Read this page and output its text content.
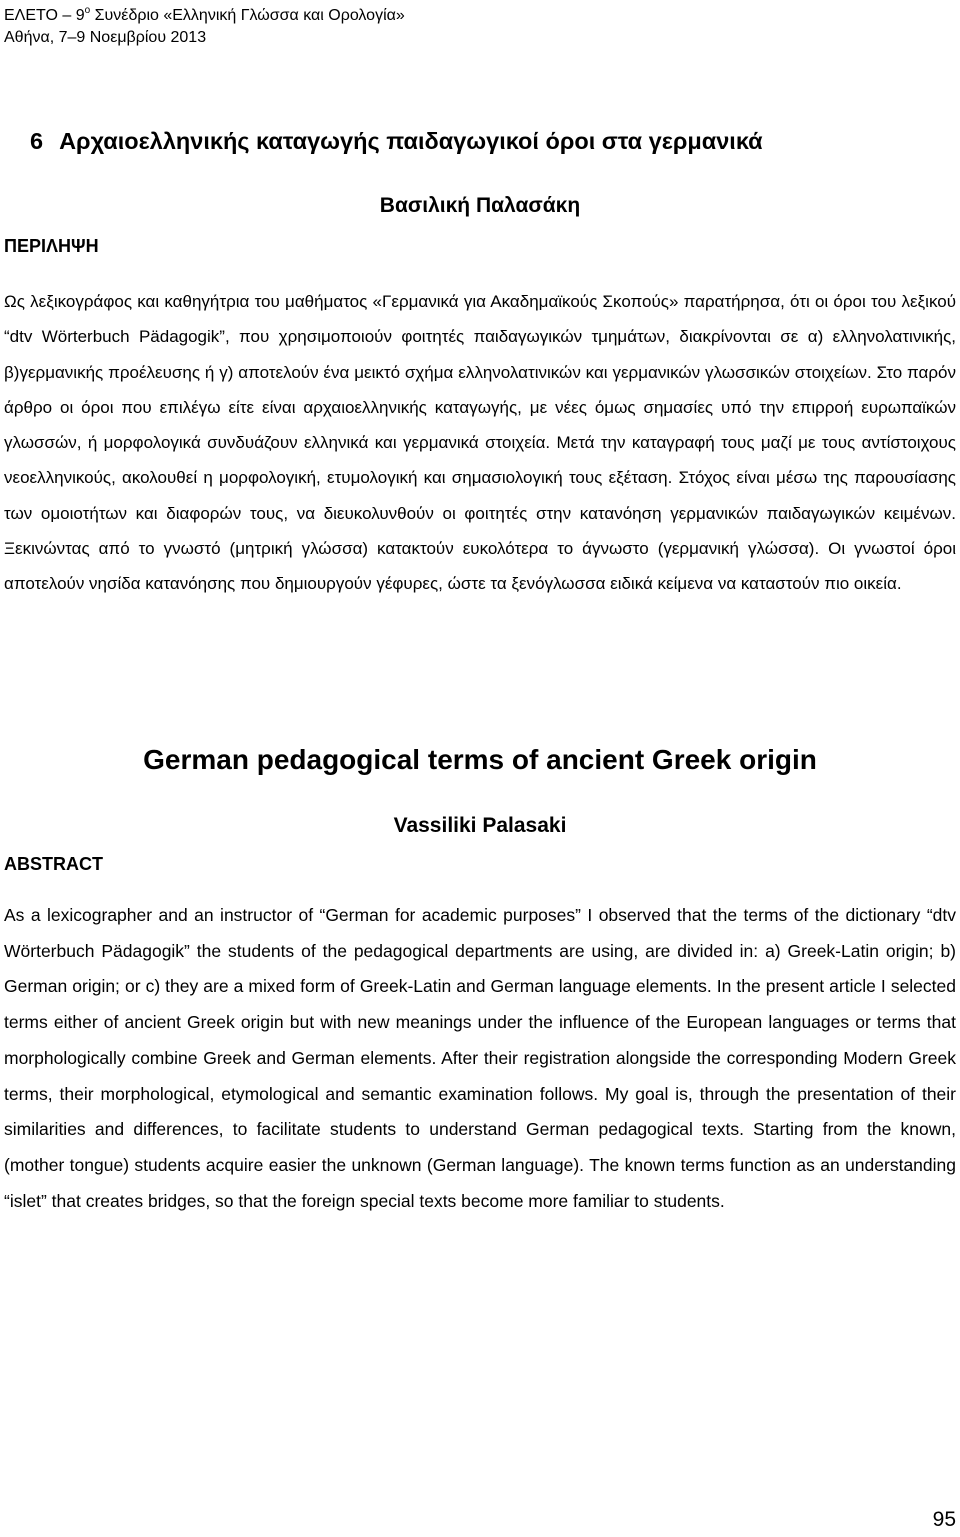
ΕΛΕΤΟ – $9^o$ Συνέδριο «Ελληνική Γλώσσα και Ορολογία»
Αθήνα, 7–9 Νοεμβρίου 2013
6 Αρχαιοελληνικής καταγωγής παιδαγωγικοί όροι στα γερμανικά
Βασιλική Παλασάκη
ΠΕΡΙΛΗΨΗ
Ως λεξικογράφος και καθηγήτρια του μαθήματος «Γερμανικά για Ακαδημαϊκούς Σκοπούς» παρατήρησα, ότι οι όροι του λεξικού “dtv Wörterbuch Pädagogik”, που χρησιμοποιούν φοιτητές παιδαγωγικών τμημάτων, διακρίνονται σε α) ελληνολατινικής, β)γερμανικής προέλευσης ή γ) αποτελούν ένα μεικτό σχήμα ελληνολατινικών και γερμανικών γλωσσικών στοιχείων. Στο παρόν άρθρο οι όροι που επιλέγω είτε είναι αρχαιοελληνικής καταγωγής, με νέες όμως σημασίες υπό την επιρροή ευρωπαϊκών γλωσσών, ή μορφολογικά συνδυάζουν ελληνικά και γερμανικά στοιχεία. Μετά την καταγραφή τους μαζί με τους αντίστοιχους νεοελληνικούς, ακολουθεί η μορφολογική, ετυμολογική και σημασιολογική τους εξέταση. Στόχος είναι μέσω της παρουσίασης των ομοιοτήτων και διαφορών τους, να διευκολυνθούν οι φοιτητές στην κατανόηση γερμανικών παιδαγωγικών κειμένων. Ξεκινώντας από το γνωστό (μητρική γλώσσα) κατακτούν ευκολότερα το άγνωστο (γερμανική γλώσσα). Οι γνωστοί όροι αποτελούν νησίδα κατανόησης που δημιουργούν γέφυρες, ώστε τα ξενόγλωσσα ειδικά κείμενα να καταστούν πιο οικεία.
German pedagogical terms of ancient Greek origin
Vassiliki Palasaki
ABSTRACT
As a lexicographer and an instructor of “German for academic purposes” I observed that the terms of the dictionary “dtv Wörterbuch Pädagogik” the students of the pedagogical departments are using, are divided in: a) Greek-Latin origin; b) German origin; or c) they are a mixed form of Greek-Latin and German language elements. In the present article I selected terms either of ancient Greek origin but with new meanings under the influence of the European languages or terms that morphologically combine Greek and German elements. After their registration alongside the corresponding Modern Greek terms, their morphological, etymological and semantic examination follows. My goal is, through the presentation of their similarities and differences, to facilitate students to understand German pedagogical texts. Starting from the known, (mother tongue) students acquire easier the unknown (German language). The known terms function as an understanding “islet” that creates bridges, so that the foreign special texts become more familiar to students.
95
